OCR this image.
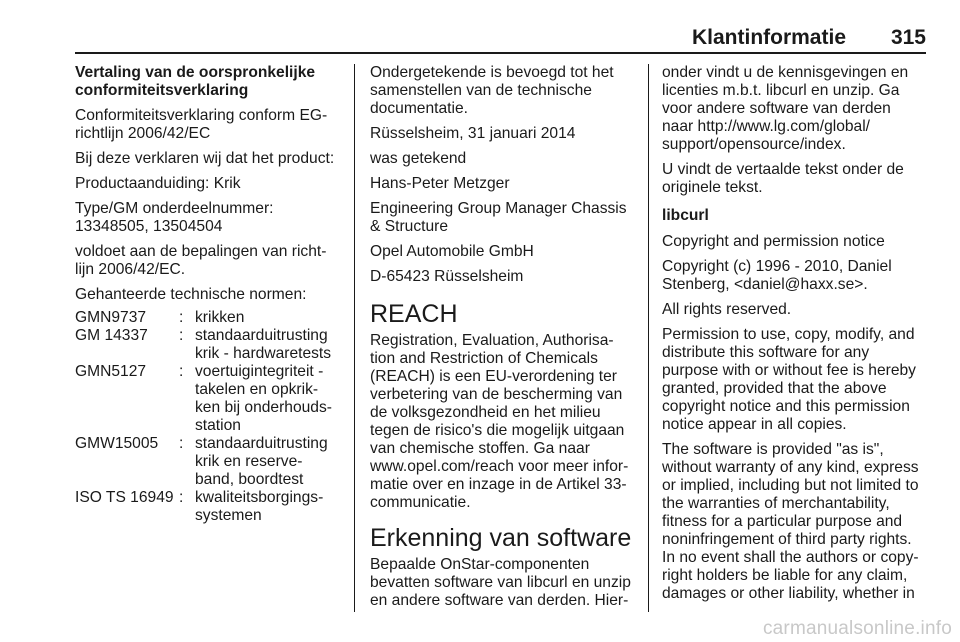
Klantinformatie 315

Vertaling van de oorspronkelijke
conformiteitsverklaring

Conformiteitsverklaring conform EG-
richtlijn 2006/42/EC

Bij deze verklaren wij dat het product:

Productaanduiding: Krik

Type/GM onderdeelnummer:
13348505, 13504504

voldoet aan de bepalingen van richt-
lijn 2006/42/EC.

Gehanteerde technische normen:

GMN9737	:	krikken

GM 14337	:	standaarduitrusting
krik - hardwaretests

GMN5127	:	voertuigintegriteit -
takelen en opkrik-
ken bij onderhouds-
station

GMW15005	:	standaarduitrusting
krik en reserve-
band, boordtest

ISO TS 16949	:	kwaliteitsborgings-
systemen

Ondergetekende is bevoegd tot het
samenstellen van de technische
documentatie.

Rüsselsheim, 31 januari 2014

was getekend

Hans-Peter Metzger

Engineering Group Manager Chassis
& Structure

Opel Automobile GmbH

D-65423 Rüsselsheim

REACH

Registration, Evaluation, Authorisa-
tion and Restriction of Chemicals
(REACH) is een EU-verordening ter
verbetering van de bescherming van
de volksgezondheid en het milieu
tegen de risico's die mogelijk uitgaan
van chemische stoffen. Ga naar
www.opel.com/reach voor meer infor-
matie over en inzage in de Artikel 33-
communicatie.

Erkenning van software

Bepaalde OnStar-componenten
bevatten software van libcurl en unzip
en andere software van derden. Hier-

onder vindt u de kennisgevingen en
licenties m.b.t. libcurl en unzip. Ga
voor andere software van derden
naar http://www.lg.com/global/
support/opensource/index.

U vindt de vertaalde tekst onder de
originele tekst.

libcurl

Copyright and permission notice

Copyright (c) 1996 - 2010, Daniel
Stenberg, <daniel@haxx.se>.

All rights reserved.

Permission to use, copy, modify, and
distribute this software for any
purpose with or without fee is hereby
granted, provided that the above
copyright notice and this permission
notice appear in all copies.

The software is provided "as is",
without warranty of any kind, express
or implied, including but not limited to
the warranties of merchantability,
fitness for a particular purpose and
noninfringement of third party rights.
In no event shall the authors or copy-
right holders be liable for any claim,
damages or other liability, whether in

carmanualsonline.info
